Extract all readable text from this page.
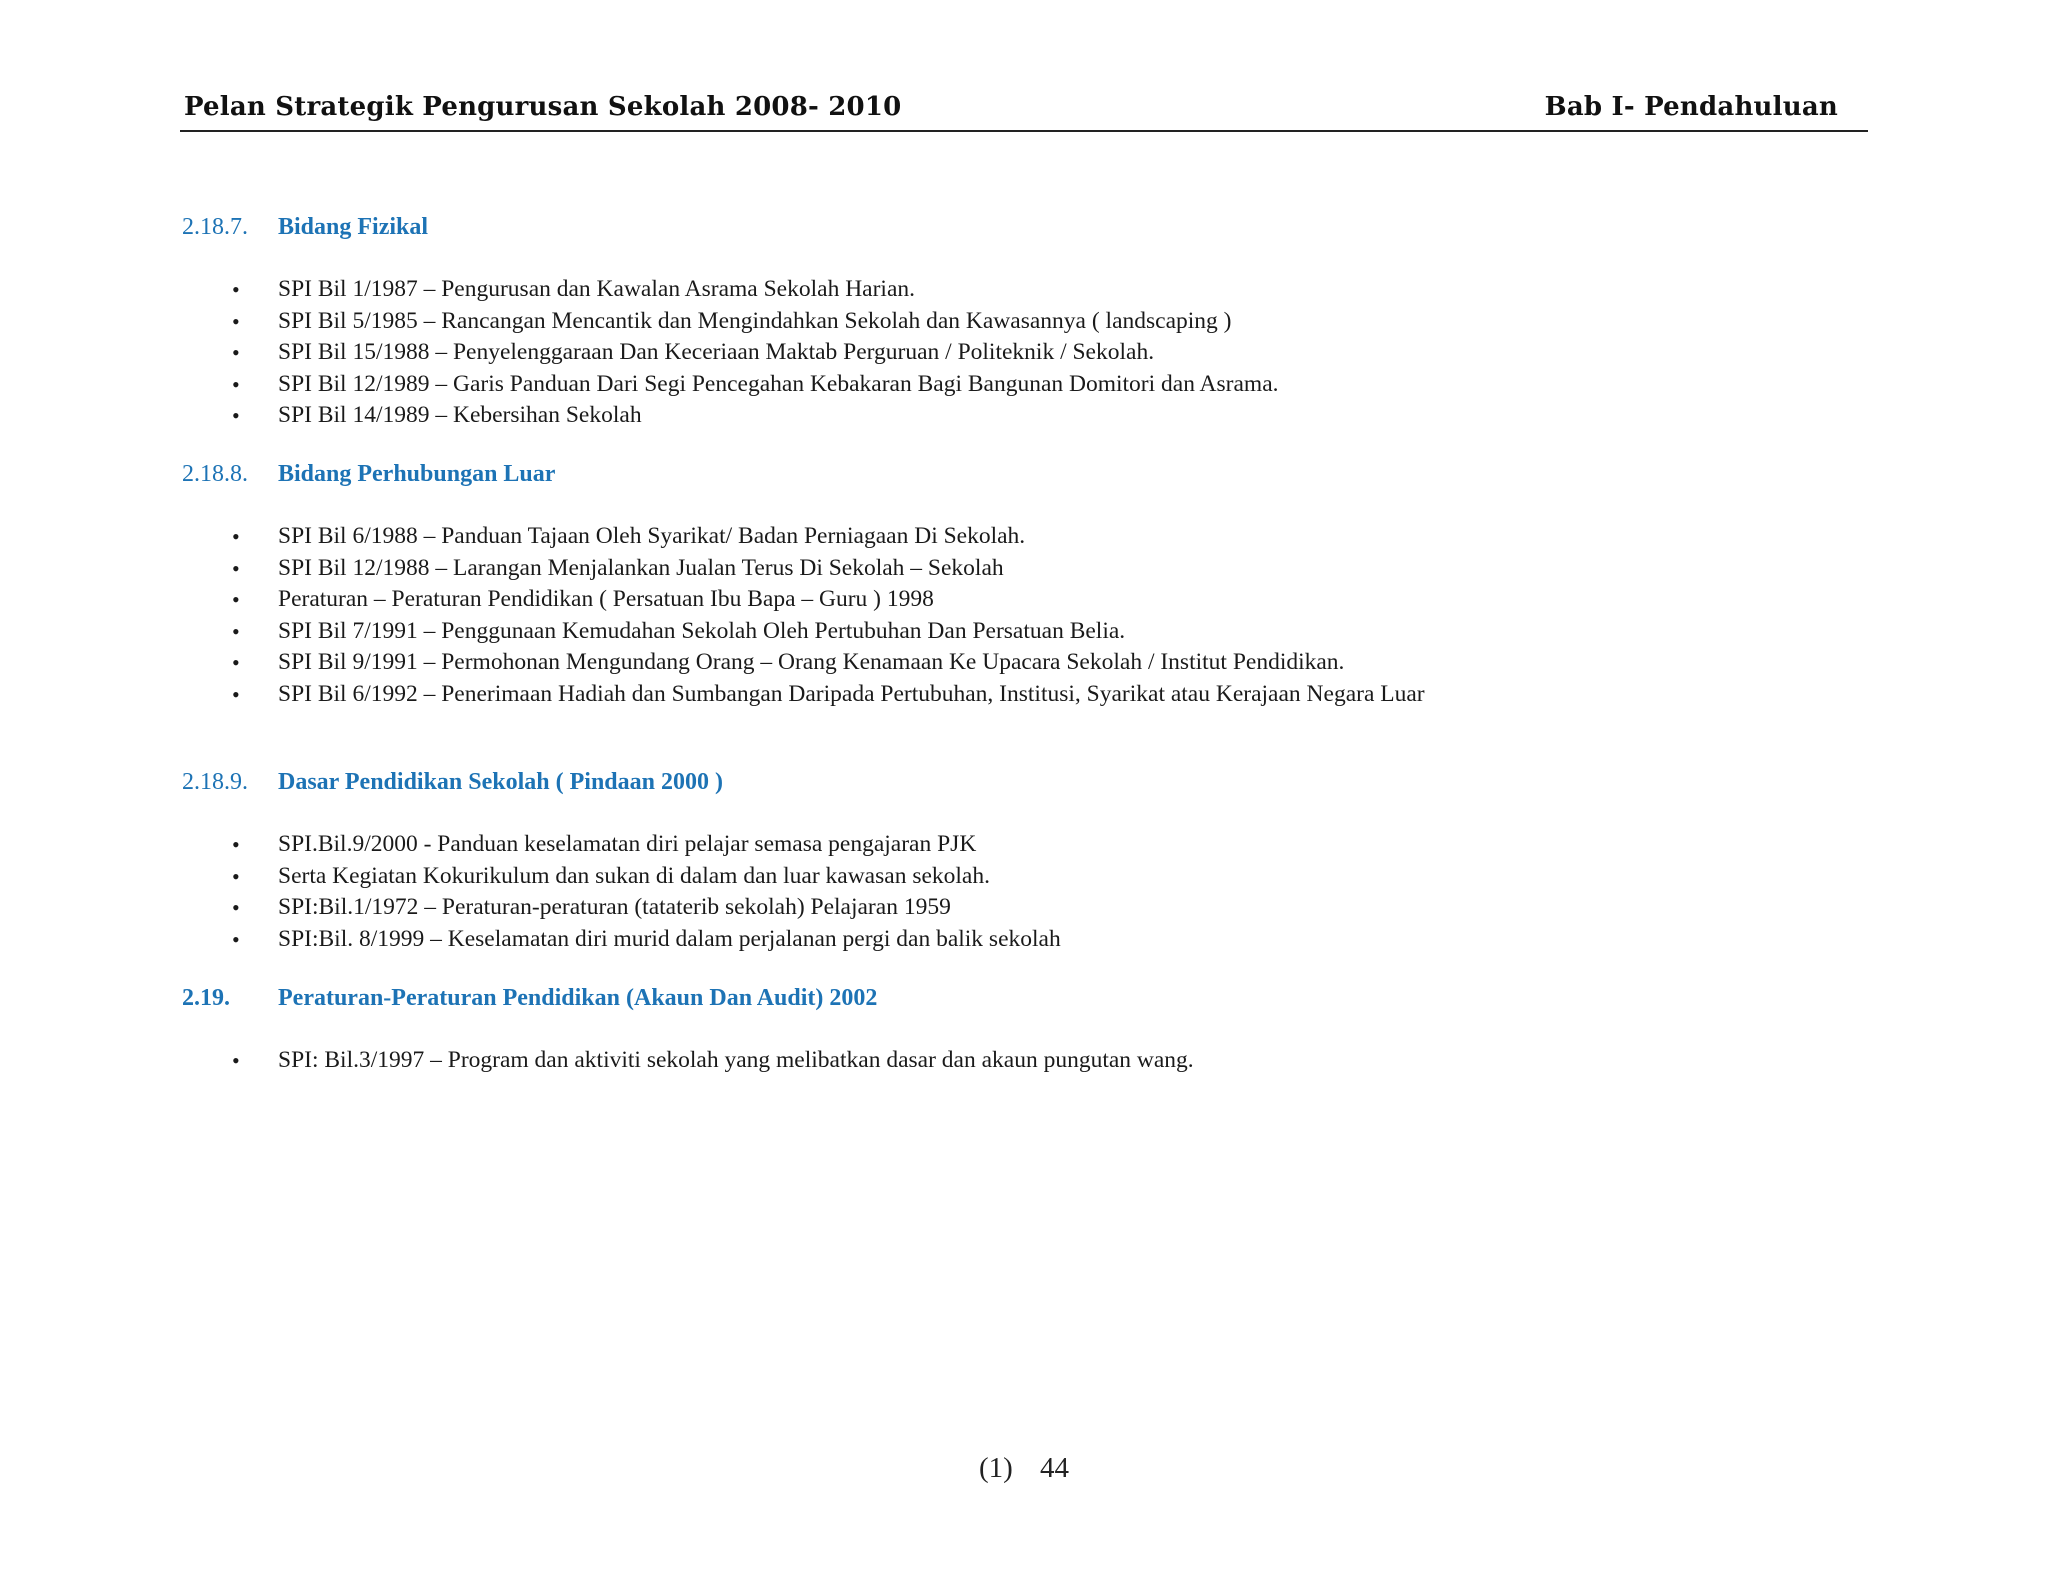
Pelan Strategik Pengurusan Sekolah 2008- 2010	Bab I- Pendahuluan
2.18.7.	Bidang Fizikal
• SPI Bil 1/1987 – Pengurusan dan Kawalan Asrama Sekolah Harian.
• SPI Bil 5/1985 – Rancangan Mencantik dan Mengindahkan Sekolah dan Kawasannya ( landscaping )
• SPI Bil 15/1988 – Penyelenggaraan Dan Keceriaan Maktab Perguruan / Politeknik / Sekolah.
• SPI Bil 12/1989 – Garis Panduan Dari Segi Pencegahan Kebakaran Bagi Bangunan Domitori dan Asrama.
• SPI Bil 14/1989 – Kebersihan Sekolah
2.18.8.	Bidang Perhubungan Luar
• SPI Bil 6/1988 – Panduan Tajaan Oleh Syarikat/ Badan Perniagaan Di Sekolah.
• SPI Bil 12/1988 – Larangan Menjalankan Jualan Terus Di Sekolah – Sekolah
• Peraturan – Peraturan Pendidikan ( Persatuan Ibu Bapa – Guru ) 1998
• SPI Bil 7/1991 – Penggunaan Kemudahan Sekolah Oleh Pertubuhan Dan Persatuan Belia.
• SPI Bil 9/1991 – Permohonan Mengundang Orang – Orang Kenamaan Ke Upacara Sekolah / Institut Pendidikan.
• SPI Bil 6/1992 – Penerimaan Hadiah dan Sumbangan Daripada Pertubuhan, Institusi, Syarikat atau Kerajaan Negara Luar
2.18.9.	Dasar Pendidikan Sekolah ( Pindaan 2000 )
• SPI.Bil.9/2000 - Panduan keselamatan diri pelajar semasa pengajaran PJK
• Serta Kegiatan Kokurikulum dan sukan di dalam dan luar kawasan sekolah.
• SPI:Bil.1/1972 – Peraturan-peraturan (tataterib sekolah) Pelajaran 1959
• SPI:Bil. 8/1999 – Keselamatan diri murid dalam perjalanan pergi dan balik sekolah
2.19.	Peraturan-Peraturan Pendidikan (Akaun Dan Audit) 2002
• SPI: Bil.3/1997 – Program dan aktiviti sekolah yang melibatkan dasar dan akaun pungutan wang.
(1) 44
